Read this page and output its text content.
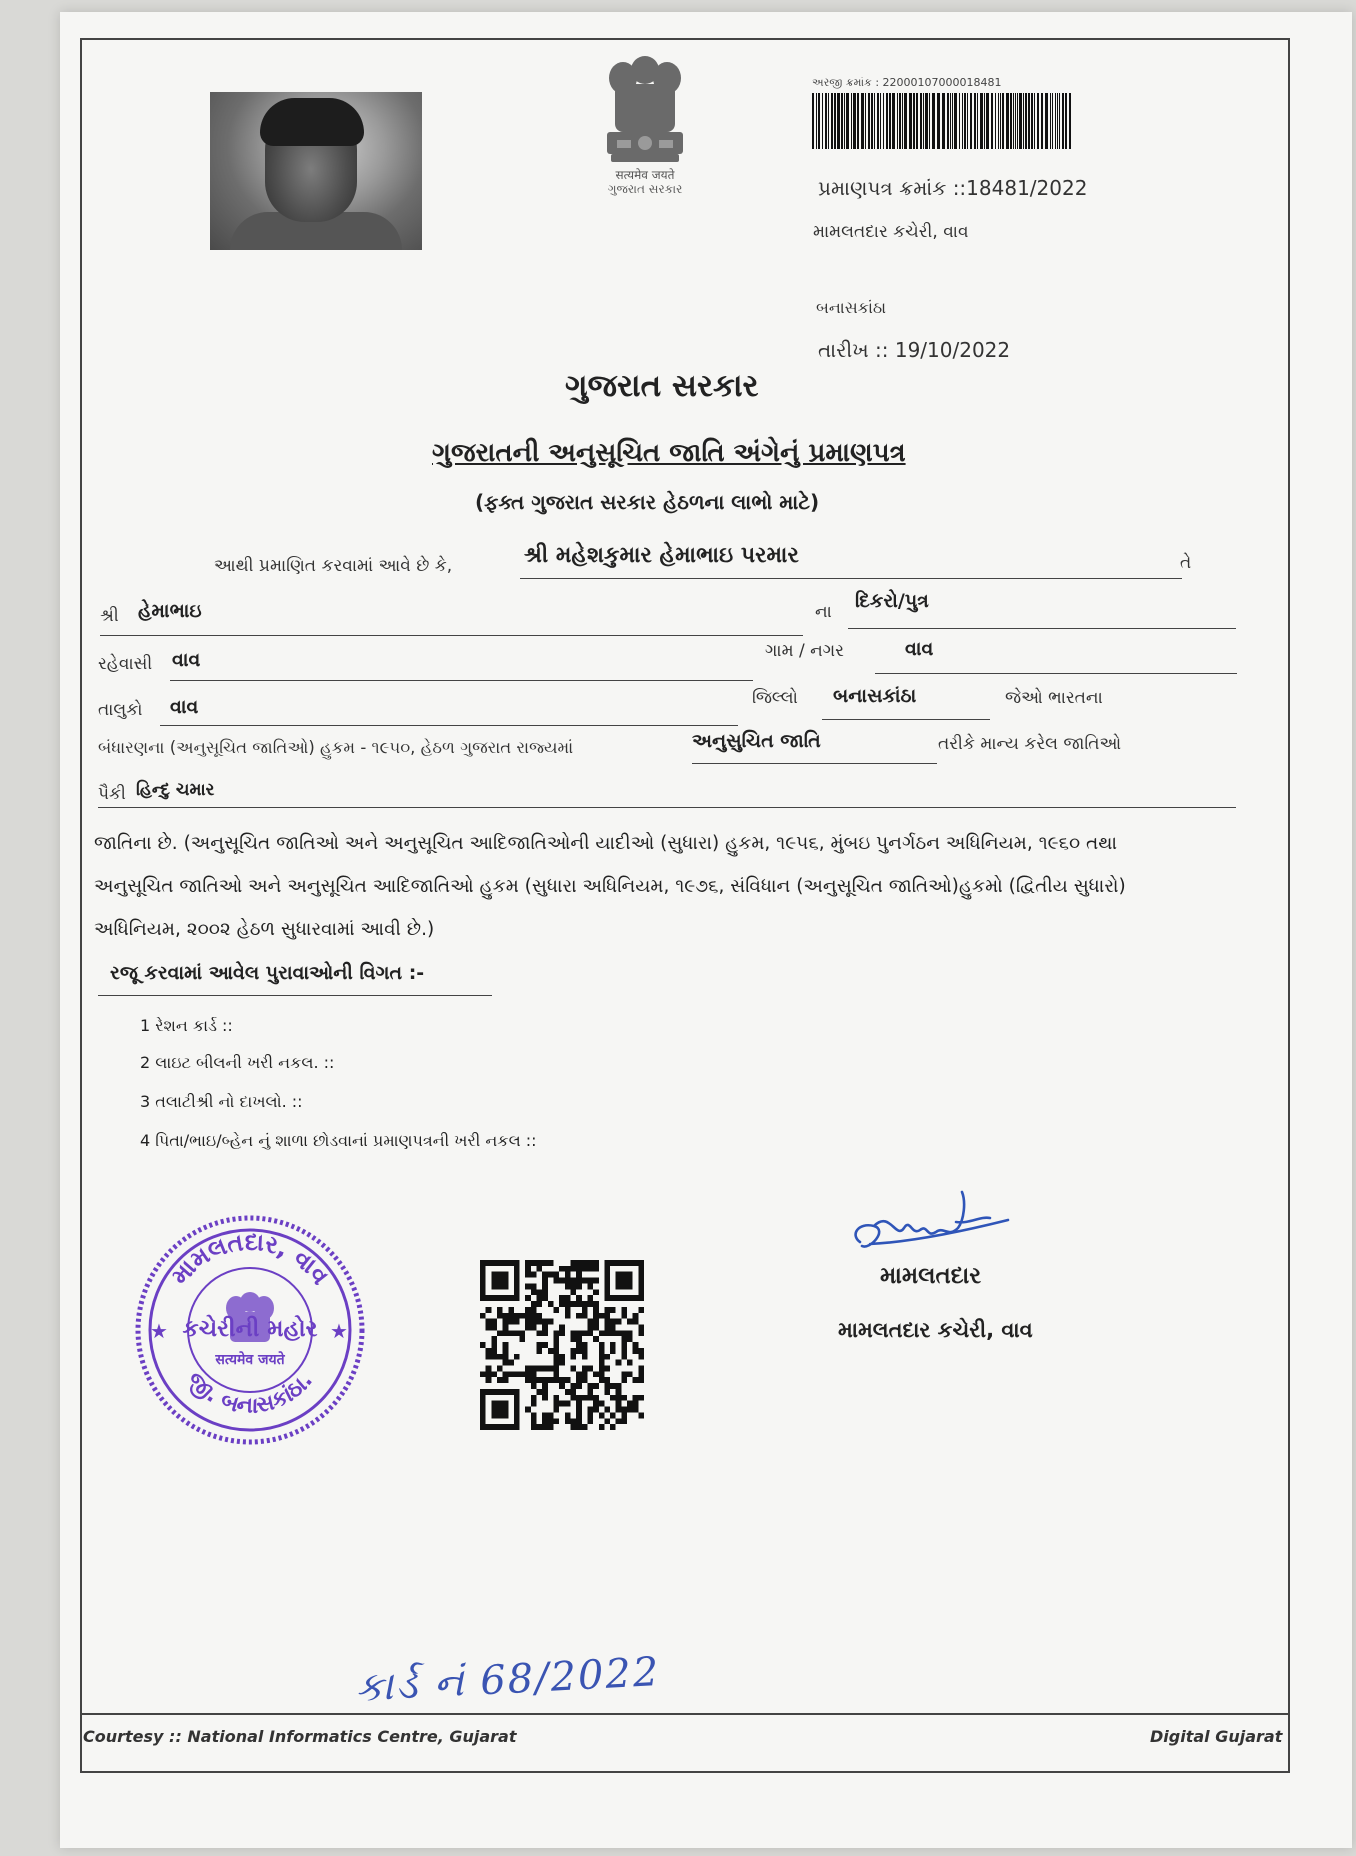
सत्यमेव जयते
ગુજરાત સરકાર
અરજી ક્રમાંક : 22000107000018481
પ્રમાણપત્ર ક્રમાંક ::18481/2022
મામલતદાર કચેરી, વાવ
બનાસકાંઠા
તારીખ :: 19/10/2022
ગુજરાત સરકાર
ગુજરાતની અનુસૂચિત જાતિ અંગેનું પ્રમાણપત્ર
(ફક્ત ગુજરાત સરકાર હેઠળના લાભો માટે)
આથી પ્રમાણિત કરવામાં આવે છે કે,	શ્રી મહેશકુમાર હેમાભાઇ પરમાર	તે
શ્રી હેમાભાઇ	ના દિકરો/પુત્ર
રહેવાસી વાવ	ગામ / નગર	વાવ
તાલુકો વાવ	જિલ્લો બનાસકાંઠા	જેઓ ભારતના
બંધારણના (અનુસૂચિત જાતિઓ) હુકમ - ૧૯૫૦, હેઠળ ગુજરાત રાજ્યમાં	અનુસુચિત જાતિ	તરીકે માન્ય કરેલ જાતિઓ
પૈકી હિન્દુ ચમાર
જાતિના છે. (અનુસૂચિત જાતિઓ અને અનુસૂચિત આદિજાતિઓની યાદીઓ (સુધારા) હુકમ, ૧૯૫૬, મુંબઇ પુનર્ગઠન અધિનિયમ, ૧૯૬૦ તથા
અનુસૂચિત જાતિઓ અને અનુસૂચિત આદિજાતિઓ હુકમ (સુધારા અધિનિયમ, ૧૯૭૬, સંવિધાન (અનુસૂચિત જાતિઓ)હુકમો (દ્વિતીય સુધારો)
અધિનિયમ, ૨૦૦૨ હેઠળ સુધારવામાં આવી છે.)
રજૂ કરવામાં આવેલ પુરાવાઓની વિગત :-
1 રેશન કાર્ડ ::
2 લાઇટ બીલની ખરી નકલ. ::
3 તલાટીશ્રી નો દાખલો. ::
4 પિતા/ભાઇ/બ્હેન નું શાળા છોડવાનાં પ્રમાણપત્રની ખરી નકલ ::
મામલતદાર, વાવ
જી. બનાસકાંઠા.
કચેરીની મહોર
सत्यमेव जयते
★	★
મામલતદાર
મામલતદાર કચેરી, વાવ
કાર્ડ નં 68/2022
Courtesy :: National Informatics Centre, Gujarat	Digital Gujarat
